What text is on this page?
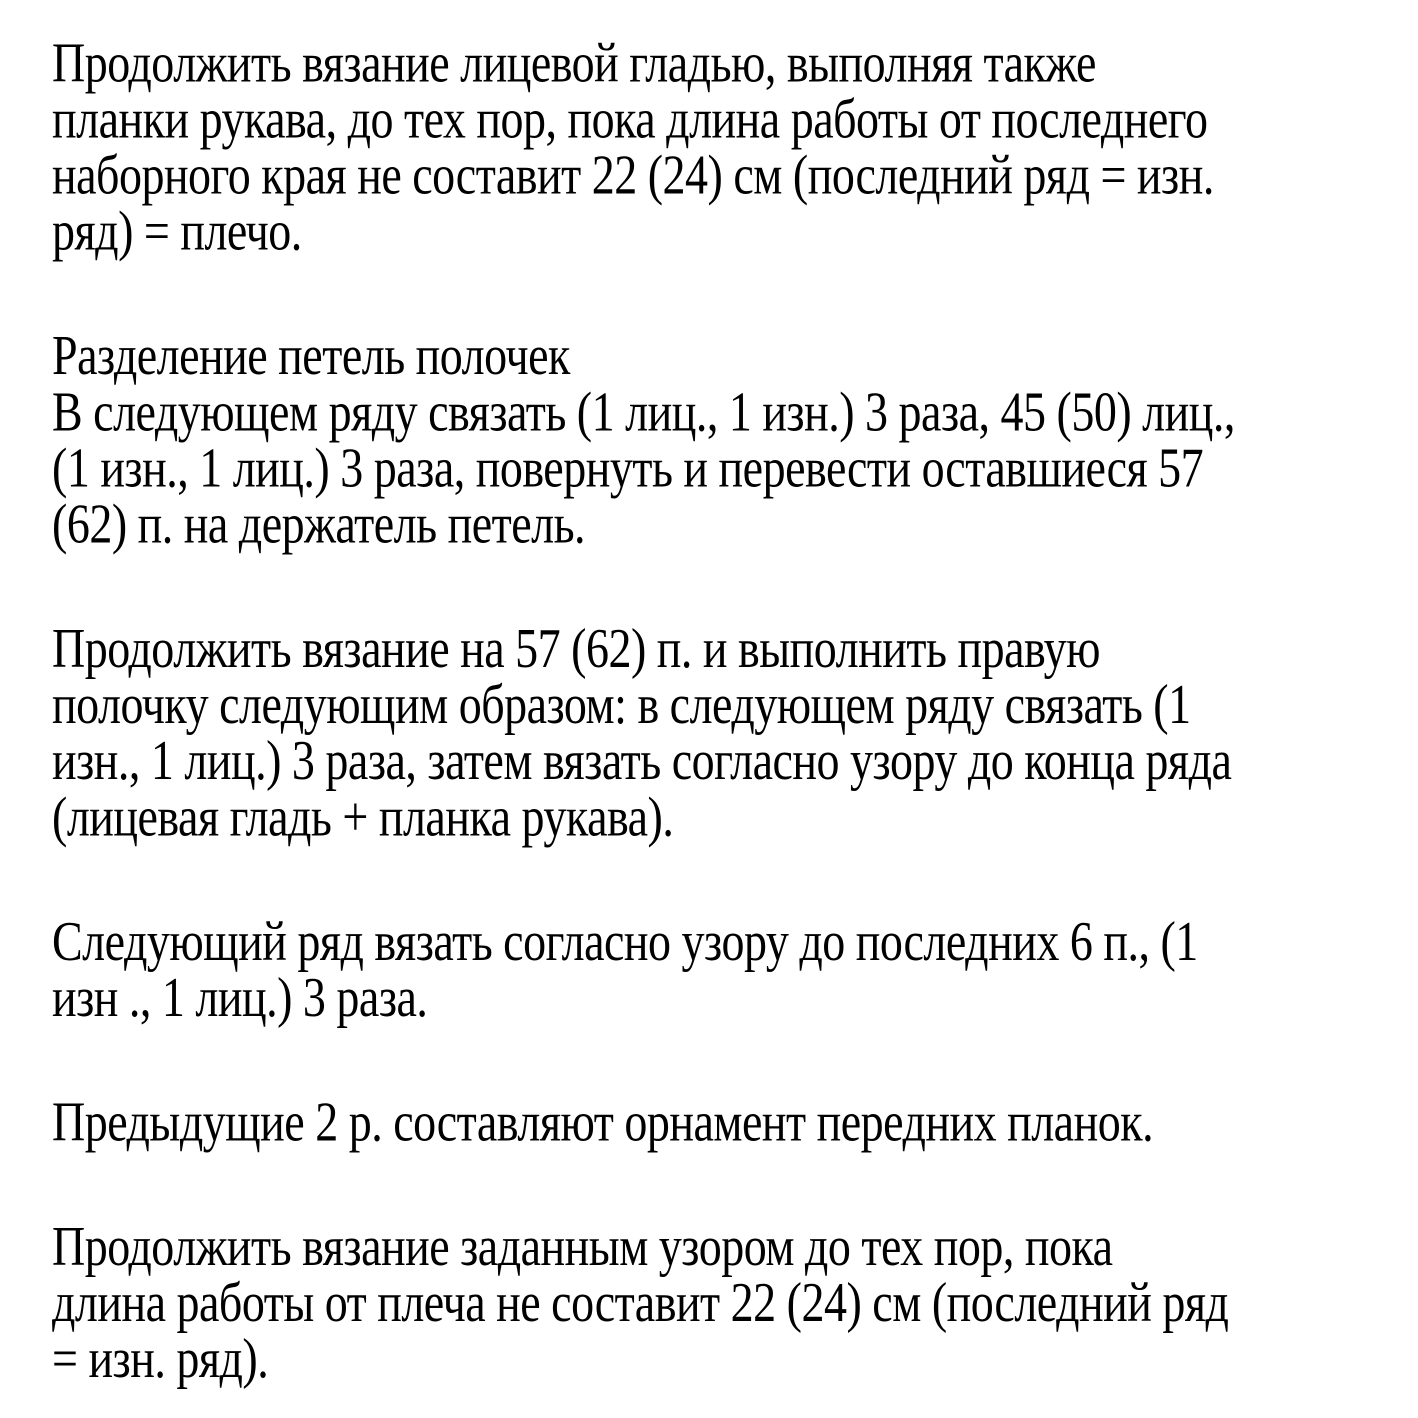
Продолжить вязание лицевой гладью, выполняя также
планки рукава, до тех пор, пока длина работы от последнего
наборного края не составит 22 (24) см (последний ряд = изн.
ряд) = плечо.
Разделение петель полочек
В следующем ряду связать (1 лиц., 1 изн.) 3 раза, 45 (50) лиц.,
(1 изн., 1 лиц.) 3 раза, повернуть и перевести оставшиеся 57
(62) п. на держатель петель.
Продолжить вязание на 57 (62) п. и выполнить правую
полочку следующим образом: в следующем ряду связать (1
изн., 1 лиц.) 3 раза, затем вязать согласно узору до конца ряда
(лицевая гладь + планка рукава).
Следующий ряд вязать согласно узору до последних 6 п., (1
изн ., 1 лиц.) 3 раза.
Предыдущие 2 р. составляют орнамент передних планок.
Продолжить вязание заданным узором до тех пор, пока
длина работы от плеча не составит 22 (24) см (последний ряд
= изн. ряд).
